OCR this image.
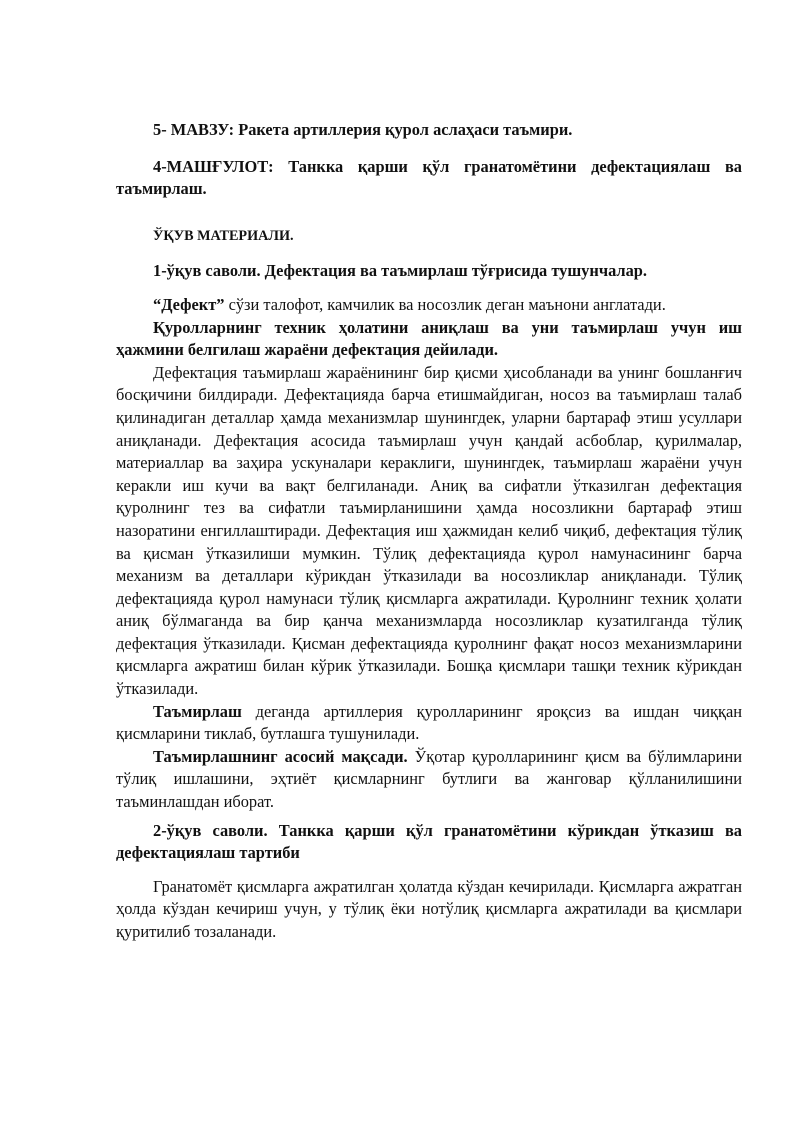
5- МАВЗУ: Ракета артиллерия қурол аслаҳаси таъмири.

4-МАШҒУЛОТ: Танкка қарши қўл гранатомётини дефектациялаш ва таъмирлаш.

ЎҚУВ МАТЕРИАЛИ.

1-ўқув саволи. Дефектация ва таъмирлаш тўғрисида тушунчалар.

“Дефект” сўзи талофот, камчилик ва носозлик деган маънони англатади.

Қуролларнинг техник ҳолатини аниқлаш ва уни таъмирлаш учун иш ҳажмини белгилаш жараёни дефектация дейилади.

Дефектация таъмирлаш жараёнининг бир қисми ҳисобланади ва унинг бошланғич босқичини билдиради. Дефектацияда барча етишмайдиган, носоз ва таъмирлаш талаб қилинадиган деталлар ҳамда механизмлар шунингдек, уларни бартараф этиш усуллари аниқланади. Дефектация асосида таъмирлаш учун қандай асбоблар, қурилмалар, материаллар ва заҳира ускуналари кераклиги, шунингдек, таъмирлаш жараёни учун керакли иш кучи ва вақт белгиланади. Аниқ ва сифатли ўтказилган дефектация қуролнинг тез ва сифатли таъмирланишини ҳамда носозликни бартараф этиш назоратини енгиллаштиради. Дефектация иш ҳажмидан келиб чиқиб, дефектация тўлиқ ва қисман ўтказилиши мумкин. Тўлиқ дефектацияда қурол намунасининг барча механизм ва деталлари кўрикдан ўтказилади ва носозликлар аниқланади. Тўлиқ дефектацияда қурол намунаси тўлиқ қисмларга ажратилади. Қуролнинг техник ҳолати аниқ бўлмаганда ва бир қанча механизмларда носозликлар кузатилганда тўлиқ дефектация ўтказилади. Қисман дефектацияда қуролнинг фақат носоз механизмларини қисмларга ажратиш билан кўрик ўтказилади. Бошқа қисмлари ташқи техник кўрикдан ўтказилади.

Таъмирлаш деганда артиллерия қуролларининг яроқсиз ва ишдан чиққан қисмларини тиклаб, бутлашга тушунилади.

Таъмирлашнинг асосий мақсади. Ўқотар қуролларининг қисм ва бўлимларини тўлиқ ишлашини, эҳтиёт қисмларнинг бутлиги ва жанговар қўлланилишини таъминлашдан иборат.

2-ўқув саволи. Танкка қарши қўл гранатомётини кўрикдан ўтказиш ва дефектациялаш тартиби

Гранатомёт қисмларга ажратилган ҳолатда кўздан кечирилади. Қисмларга ажратган ҳолда кўздан кечириш учун, у тўлиқ ёки нотўлиқ қисмларга ажратилади ва қисмлари қуритилиб тозаланади.
